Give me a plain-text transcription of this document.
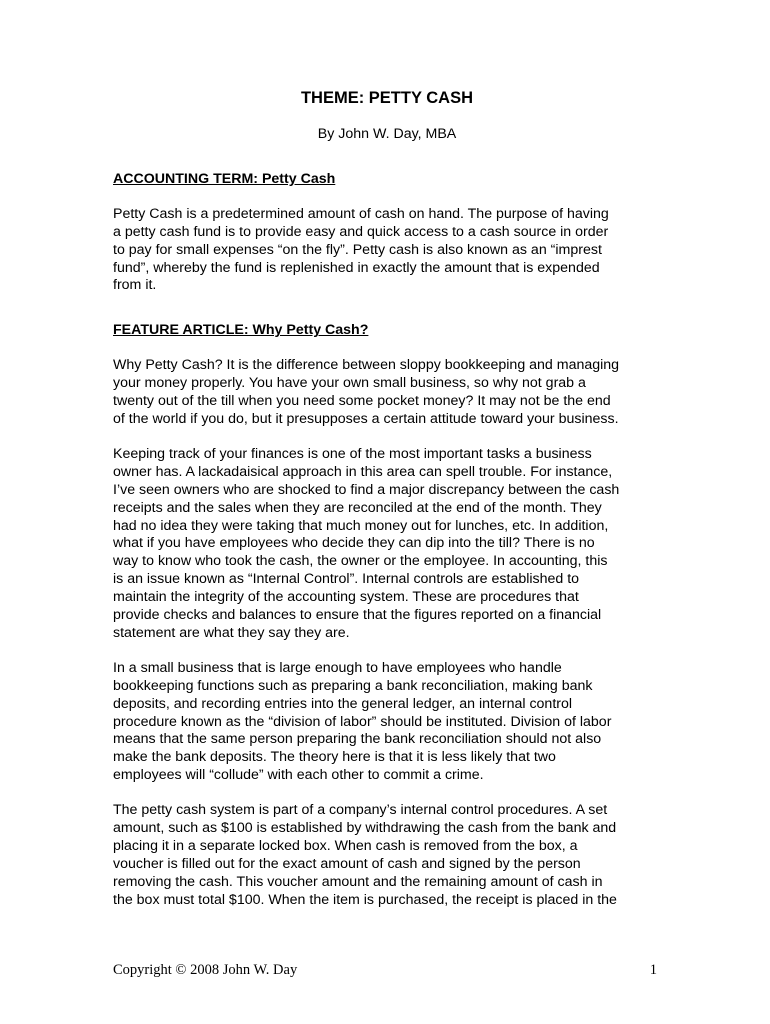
THEME: PETTY CASH
By John W. Day, MBA
ACCOUNTING TERM: Petty Cash
Petty Cash is a predetermined amount of cash on hand. The purpose of having
a petty cash fund is to provide easy and quick access to a cash source in order
to pay for small expenses “on the fly”. Petty cash is also known as an “imprest
fund”, whereby the fund is replenished in exactly the amount that is expended
from it.
FEATURE ARTICLE: Why Petty Cash?
Why Petty Cash? It is the difference between sloppy bookkeeping and managing
your money properly. You have your own small business, so why not grab a
twenty out of the till when you need some pocket money? It may not be the end
of the world if you do, but it presupposes a certain attitude toward your business.
Keeping track of your finances is one of the most important tasks a business
owner has. A lackadaisical approach in this area can spell trouble. For instance,
I’ve seen owners who are shocked to find a major discrepancy between the cash
receipts and the sales when they are reconciled at the end of the month. They
had no idea they were taking that much money out for lunches, etc. In addition,
what if you have employees who decide they can dip into the till? There is no
way to know who took the cash, the owner or the employee. In accounting, this
is an issue known as “Internal Control”. Internal controls are established to
maintain the integrity of the accounting system. These are procedures that
provide checks and balances to ensure that the figures reported on a financial
statement are what they say they are.
In a small business that is large enough to have employees who handle
bookkeeping functions such as preparing a bank reconciliation, making bank
deposits, and recording entries into the general ledger, an internal control
procedure known as the “division of labor” should be instituted. Division of labor
means that the same person preparing the bank reconciliation should not also
make the bank deposits. The theory here is that it is less likely that two
employees will “collude” with each other to commit a crime.
The petty cash system is part of a company’s internal control procedures. A set
amount, such as $100 is established by withdrawing the cash from the bank and
placing it in a separate locked box. When cash is removed from the box, a
voucher is filled out for the exact amount of cash and signed by the person
removing the cash. This voucher amount and the remaining amount of cash in
the box must total $100. When the item is purchased, the receipt is placed in the
Copyright © 2008 John W. Day	1
